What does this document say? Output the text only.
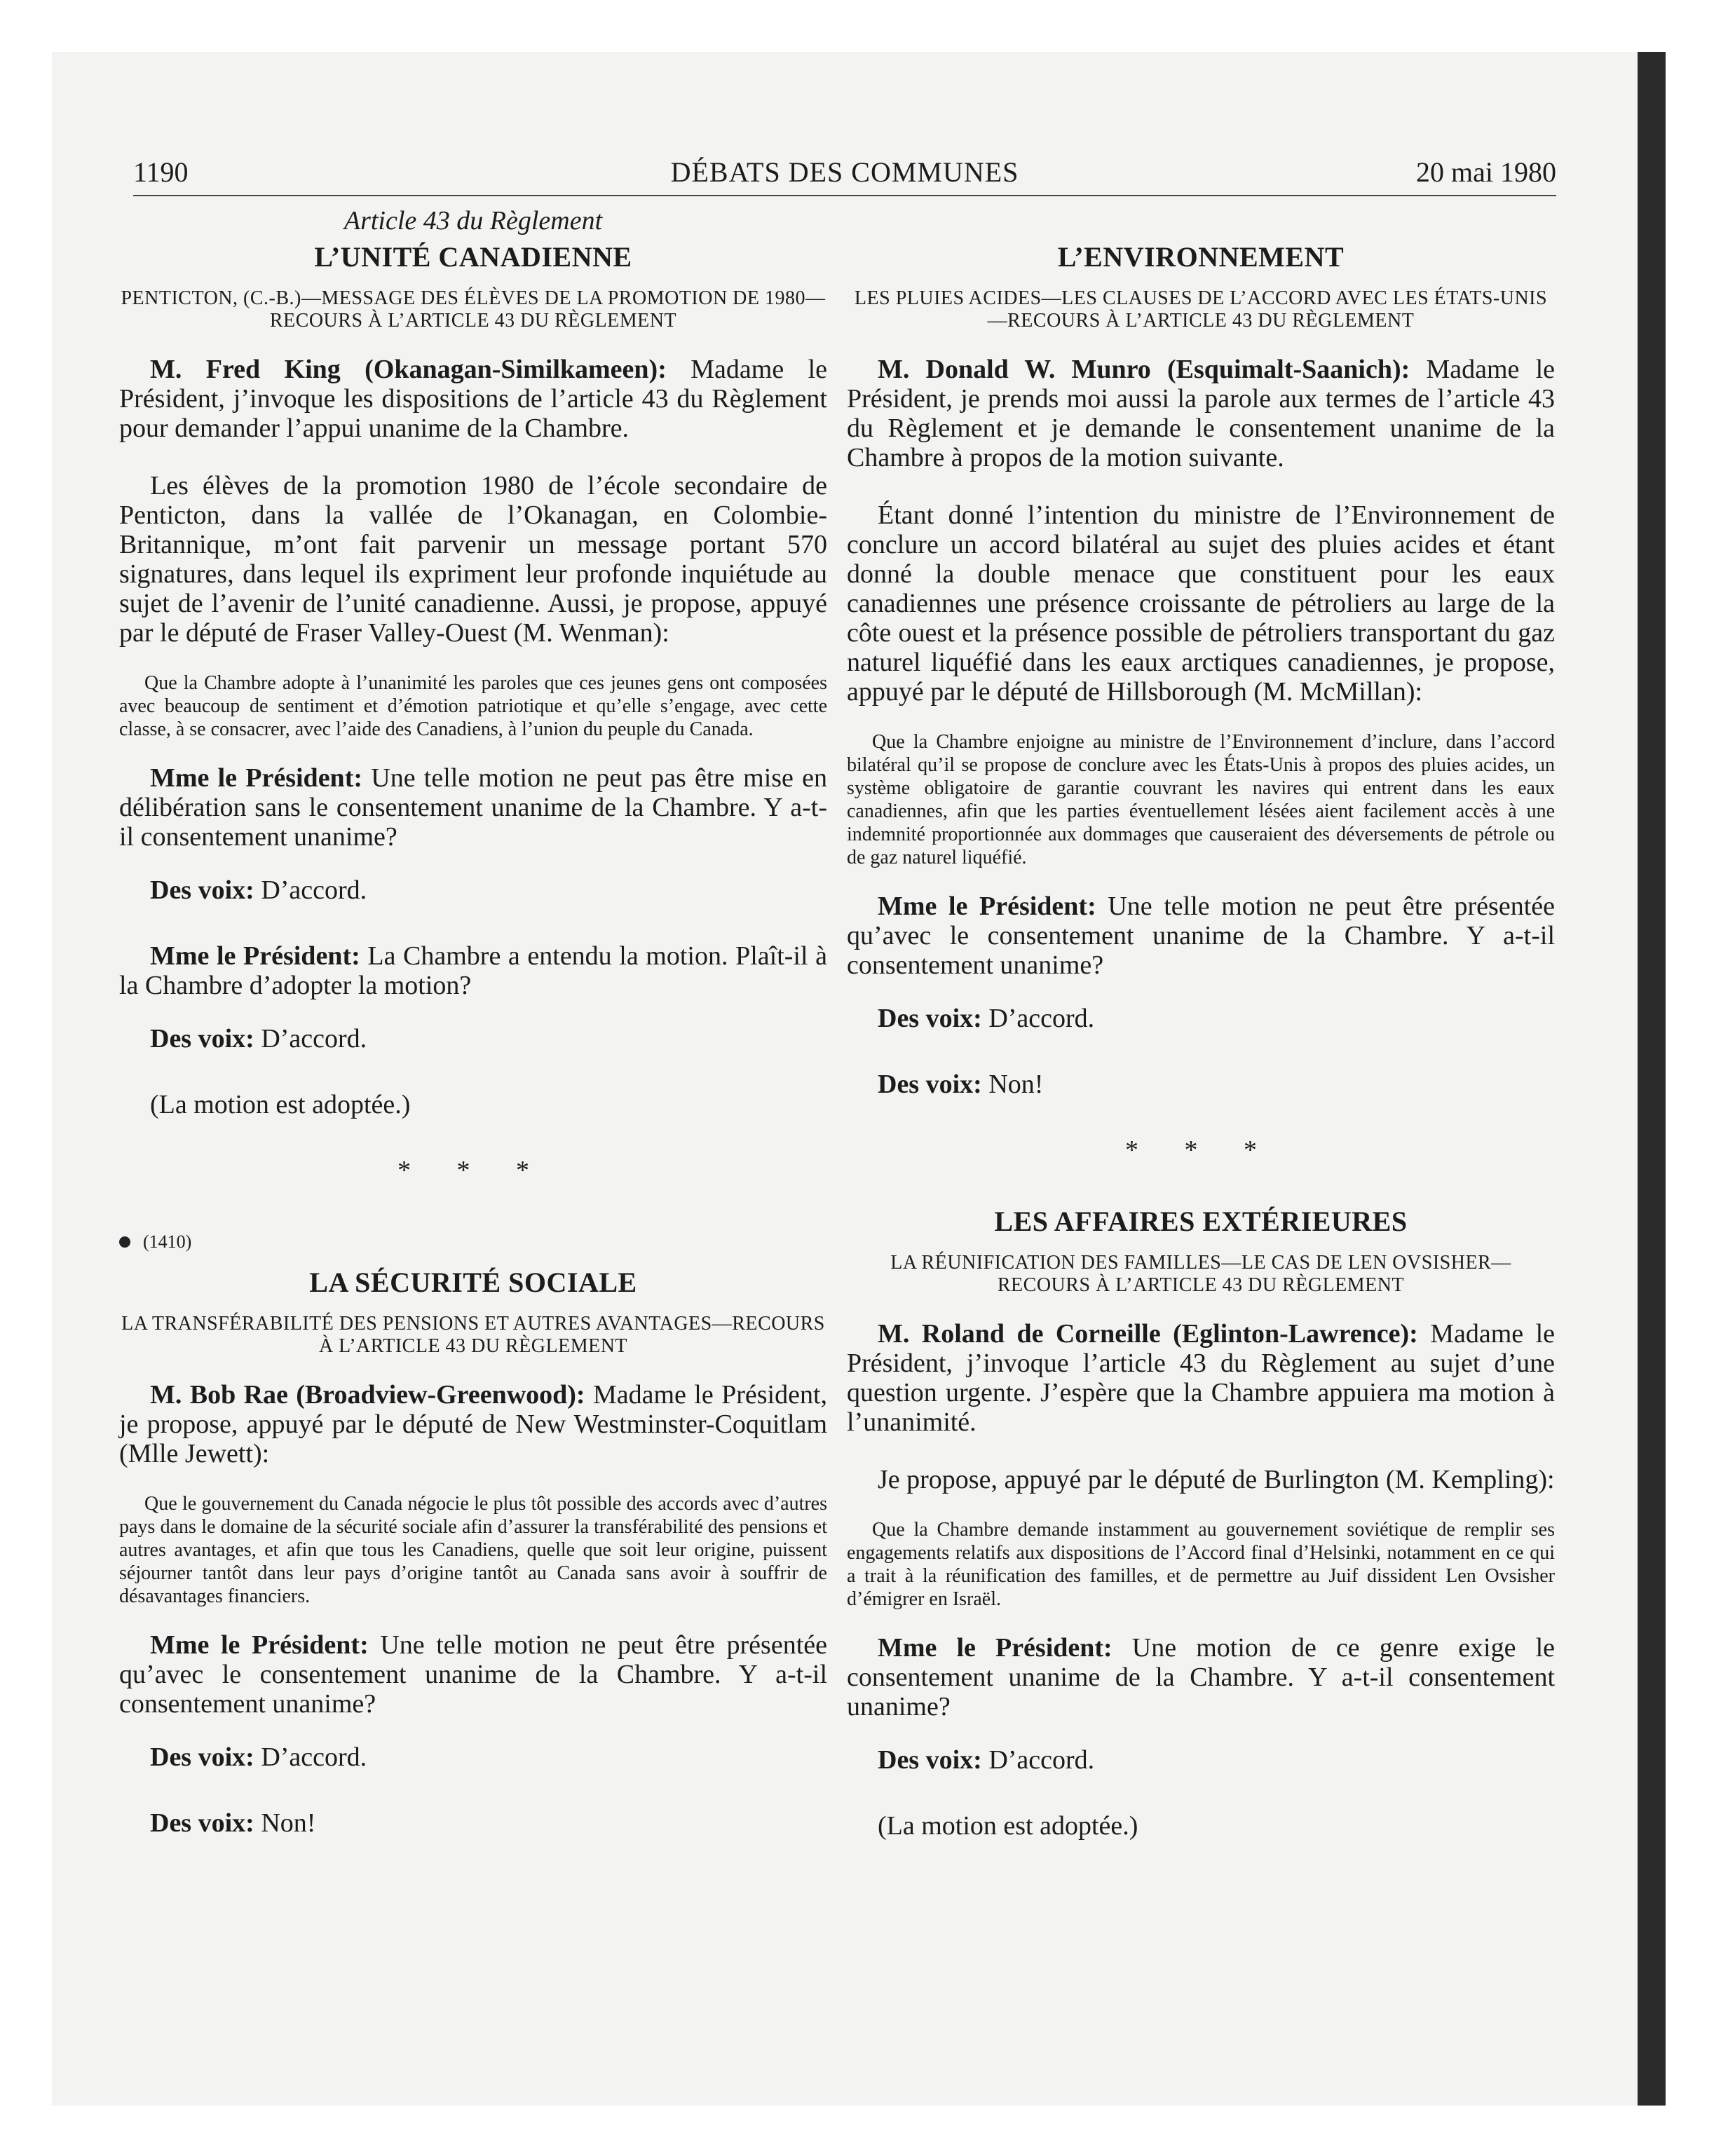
1190	DÉBATS DES COMMUNES	20 mai 1980
Article 43 du Règlement
L’UNITÉ CANADIENNE
PENTICTON, (C.-B.)—MESSAGE DES ÉLÈVES DE LA PROMOTION DE 1980—RECOURS À L’ARTICLE 43 DU RÈGLEMENT

M. Fred King (Okanagan-Similkameen): Madame le Président, j’invoque les dispositions de l’article 43 du Règlement pour demander l’appui unanime de la Chambre.

Les élèves de la promotion 1980 de l’école secondaire de Penticton, dans la vallée de l’Okanagan, en Colombie-Britannique, m’ont fait parvenir un message portant 570 signatures, dans lequel ils expriment leur profonde inquiétude au sujet de l’avenir de l’unité canadienne. Aussi, je propose, appuyé par le député de Fraser Valley-Ouest (M. Wenman):

Que la Chambre adopte à l’unanimité les paroles que ces jeunes gens ont composées avec beaucoup de sentiment et d’émotion patriotique et qu’elle s’engage, avec cette classe, à se consacrer, avec l’aide des Canadiens, à l’union du peuple du Canada.

Mme le Président: Une telle motion ne peut pas être mise en délibération sans le consentement unanime de la Chambre. Y a-t-il consentement unanime?

Des voix: D’accord.

Mme le Président: La Chambre a entendu la motion. Plaît-il à la Chambre d’adopter la motion?

Des voix: D’accord.

(La motion est adoptée.)

* * *
(1410)
LA SÉCURITÉ SOCIALE
LA TRANSFÉRABILITÉ DES PENSIONS ET AUTRES AVANTAGES—RECOURS À L’ARTICLE 43 DU RÈGLEMENT

M. Bob Rae (Broadview-Greenwood): Madame le Président, je propose, appuyé par le député de New Westminster-Coquitlam (Mlle Jewett):

Que le gouvernement du Canada négocie le plus tôt possible des accords avec d’autres pays dans le domaine de la sécurité sociale afin d’assurer la transférabilité des pensions et autres avantages, et afin que tous les Canadiens, quelle que soit leur origine, puissent séjourner tantôt dans leur pays d’origine tantôt au Canada sans avoir à souffrir de désavantages financiers.

Mme le Président: Une telle motion ne peut être présentée qu’avec le consentement unanime de la Chambre. Y a-t-il consentement unanime?

Des voix: D’accord.

Des voix: Non!

L’ENVIRONNEMENT
LES PLUIES ACIDES—LES CLAUSES DE L’ACCORD AVEC LES ÉTATS-UNIS—RECOURS À L’ARTICLE 43 DU RÈGLEMENT

M. Donald W. Munro (Esquimalt-Saanich): Madame le Président, je prends moi aussi la parole aux termes de l’article 43 du Règlement et je demande le consentement unanime de la Chambre à propos de la motion suivante.

Étant donné l’intention du ministre de l’Environnement de conclure un accord bilatéral au sujet des pluies acides et étant donné la double menace que constituent pour les eaux canadiennes une présence croissante de pétroliers au large de la côte ouest et la présence possible de pétroliers transportant du gaz naturel liquéfié dans les eaux arctiques canadiennes, je propose, appuyé par le député de Hillsborough (M. McMillan):

Que la Chambre enjoigne au ministre de l’Environnement d’inclure, dans l’accord bilatéral qu’il se propose de conclure avec les États-Unis à propos des pluies acides, un système obligatoire de garantie couvrant les navires qui entrent dans les eaux canadiennes, afin que les parties éventuellement lésées aient facilement accès à une indemnité proportionnée aux dommages que causeraient des déversements de pétrole ou de gaz naturel liquéfié.

Mme le Président: Une telle motion ne peut être présentée qu’avec le consentement unanime de la Chambre. Y a-t-il consentement unanime?

Des voix: D’accord.

Des voix: Non!

* * *
LES AFFAIRES EXTÉRIEURES
LA RÉUNIFICATION DES FAMILLES—LE CAS DE LEN OVSISHER—RECOURS À L’ARTICLE 43 DU RÈGLEMENT

M. Roland de Corneille (Eglinton-Lawrence): Madame le Président, j’invoque l’article 43 du Règlement au sujet d’une question urgente. J’espère que la Chambre appuiera ma motion à l’unanimité.

Je propose, appuyé par le député de Burlington (M. Kempling):

Que la Chambre demande instamment au gouvernement soviétique de remplir ses engagements relatifs aux dispositions de l’Accord final d’Helsinki, notamment en ce qui a trait à la réunification des familles, et de permettre au Juif dissident Len Ovsisher d’émigrer en Israël.

Mme le Président: Une motion de ce genre exige le consentement unanime de la Chambre. Y a-t-il consentement unanime?

Des voix: D’accord.

(La motion est adoptée.)
